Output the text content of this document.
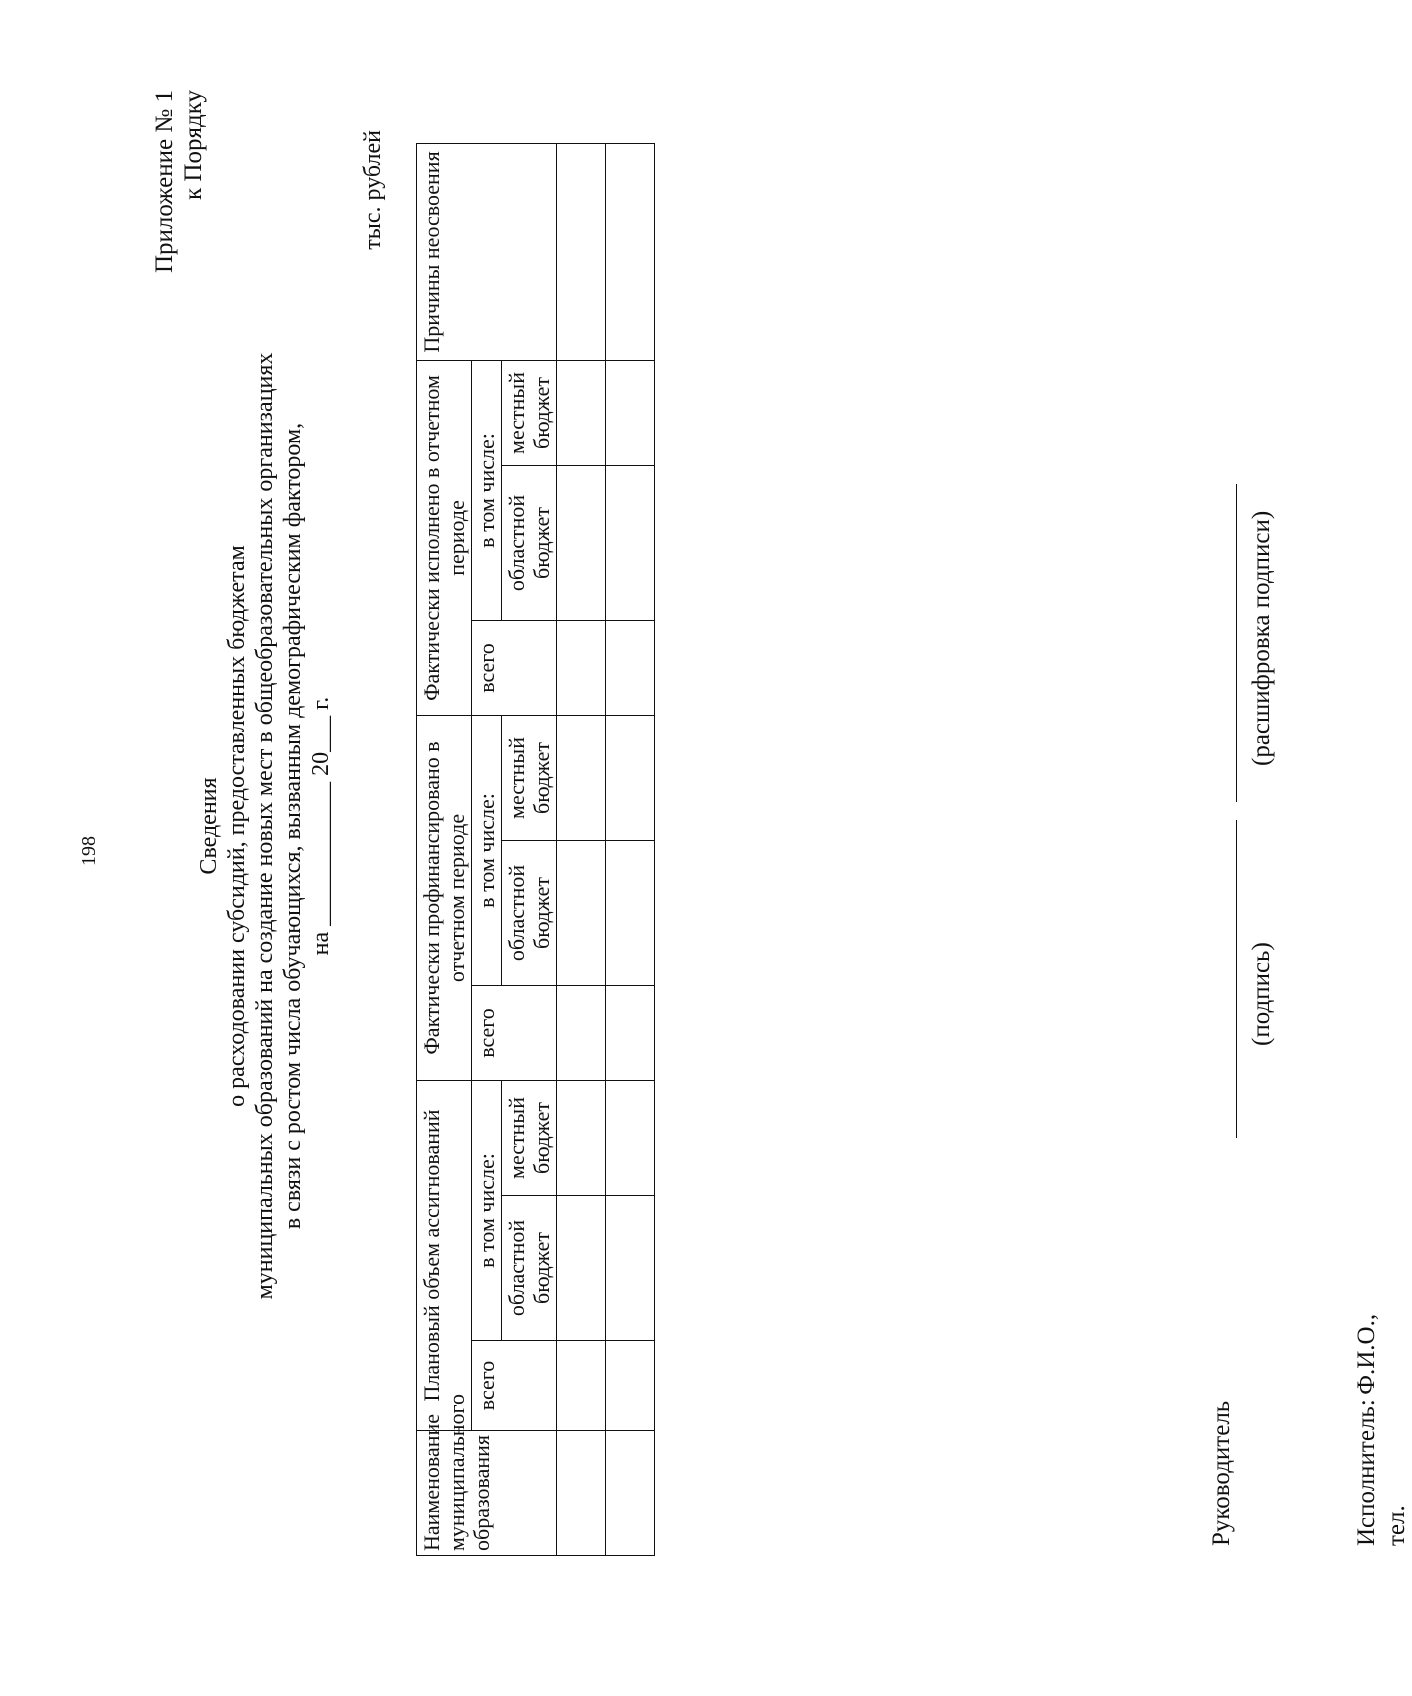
198
Приложение № 1 к Порядку
Сведения о расходовании субсидий, предоставленных бюджетам муниципальных образований на создание новых мест в общеобразовательных организациях в связи с ростом числа обучающихся, вызванным демографическим фактором, на ____________ 20___ г.
тыс. рублей
Наименование муниципального образования	Плановый объем ассигнований			Фактически профинансировано в отчетном периоде			Фактически исполнено в отчетном периоде			Причины неосвоения
	всего	в том числе:		всего	в том числе:		всего	в том числе:		
		областной бюджет	местный бюджет		областной бюджет	местный бюджет		областной бюджет	местный бюджет	

Руководитель
(подпись)
(расшифровка подписи)
Исполнитель: Ф.И.О.,
тел.
